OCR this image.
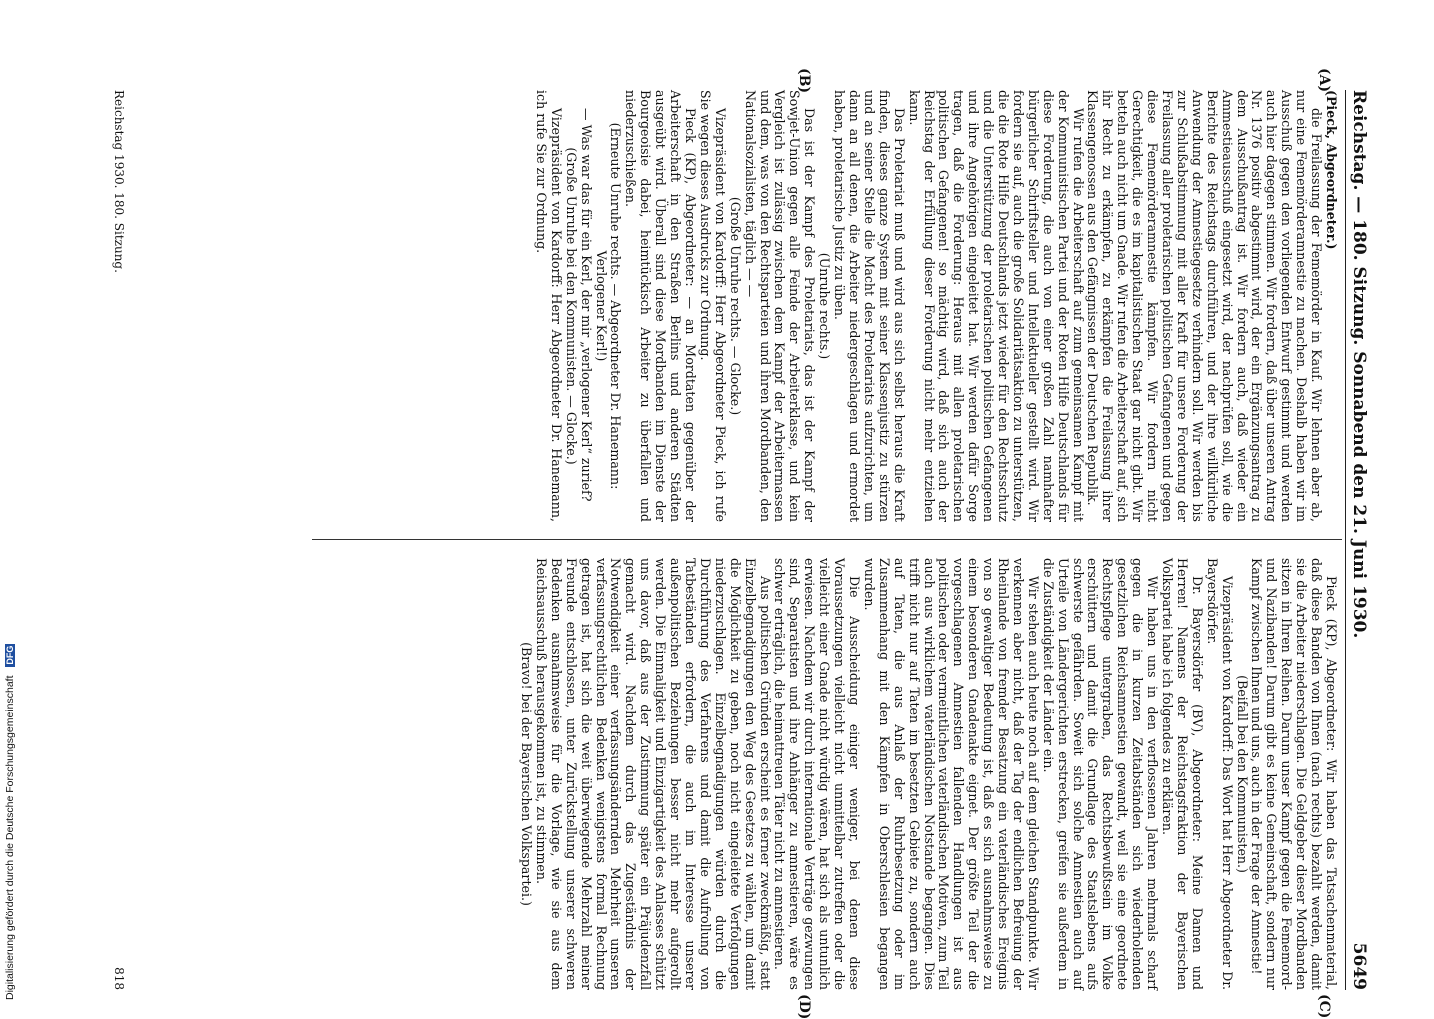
Reichstag. — 180. Sitzung. Sonnabend den 21. Juni 1930.
5649
(A)
(B)
(C)
(D)

(Pieck, Abgeordneter.)

die Freilassung der Fememörder in Kauf. Wir lehnen aber ab, nur eine Fememörderamnestie zu machen. Deshalb haben wir im Ausschuß gegen den vorliegenden Entwurf gestimmt und werden auch hier dagegen stimmen. Wir fordern, daß über unseren Antrag Nr. 1376 positiv abgestimmt wird, der ein Ergänzungsantrag zu dem Ausschußantrag ist. Wir fordern auch, daß wieder ein Ammestieausschuß eingesetzt wird, der nachprüfen soll, wie die Berichte des Reichstags durchführen, und der ihre willkürliche Anwendung der Amnestiegesetze verhindern soll. Wir werden bis zur Schlußabstimmung mit aller Kraft für unsere Forderung der Freilassung aller proletarischen politischen Gefangenen und gegen diese Fememörderamnestie kämpfen. Wir fordern nicht Gerechtigkeit, die es im kapitalistischen Staat gar nicht gibt. Wir betteln auch nicht um Gnade. Wir rufen die Arbeiterschaft auf, sich ihr Recht zu erkämpfen, zu erkämpfen die Freilassung ihrer Klassengenossen aus den Gefängnissen der Deutschen Republik.

Wir rufen die Arbeiterschaft auf zum gemeinsamen Kampf mit der Kommunistischen Partei und der Roten Hilfe Deutschlands für diese Forderung, die auch von einer großen Zahl namhafter bürgerlicher Schriftsteller und Intellektueller gestellt wird. Wir fordern sie auf, auch die große Solidaritätsaktion zu unterstützen, die die Rote Hilfe Deutschlands jetzt wieder für den Rechtsschutz und die Unterstützung der proletarischen politischen Gefangenen und ihre Angehörigen eingeleitet hat. Wir werden dafür Sorge tragen, daß die Forderung: Heraus mit allen proletarischen politischen Gefangenen! so mächtig wird, daß sich auch der Reichstag der Erfüllung dieser Forderung nicht mehr entziehen kann.

Das Proletariat muß und wird aus sich selbst heraus die Kraft finden, dieses ganze System mit seiner Klassenjustiz zu stürzen und an seiner Stelle die Macht des Proletariats aufzurichten, um dann an all denen, die Arbeiter niedergeschlagen und ermordet haben, proletarische Justiz zu üben.

(Unruhe rechts.)

Das ist der Kampf des Proletariats, das ist der Kampf der Sowjet-Union gegen alle Feinde der Arbeiterklasse, und kein Vergleich ist zulässig zwischen dem Kampf der Arbeitermassen und dem, was von den Rechtsparteien und ihren Mordbanden, den Nationalsozialisten, täglich — —

(Große Unruhe rechts. — Glocke.)

Vizepräsident von Kardorff: Herr Abgeordneter Pieck, ich rufe Sie wegen dieses Ausdrucks zur Ordnung.

Pieck (KP), Abgeordneter: — an Mordtaten gegenüber der Arbeiterschaft in den Straßen Berlins und anderen Städten ausgeübt wird. Überall sind diese Mordbanden im Dienste der Bourgeoisie dabei, heimtückisch Arbeiter zu überfallen und niederzuschießen.

(Erneute Unruhe rechts. — Abgeordneter Dr. Hanemann: Verlogener Kerl!)

— Was war das für ein Kerl, der mir „verlogener Kerl“ zurief?

(Große Unruhe bei den Kommunisten. — Glocke.)

Vizepräsident von Kardorff: Herr Abgeordneter Dr. Hanemann, ich rufe Sie zur Ordnung.

Pieck (KP), Abgeordneter: Wir haben das Tatsachenmaterial, daß diese Banden von Ihnen (nach rechts) bezahlt werden, damit sie die Arbeiter niederschlagen. Die Geldgeber dieser Mordbanden sitzen in Ihren Reihen. Darum unser Kampf gegen die Fememord- und Nazibanden! Darum gibt es keine Gemeinschaft, sondern nur Kampf zwischen Ihnen und uns, auch in der Frage der Amnestie!

(Beifall bei den Kommunisten.)

Vizepräsident von Kardorff: Das Wort hat Herr Abgeordneter Dr. Bayersdörfer.

Dr. Bayersdörfer (BV), Abgeordneter: Meine Damen und Herren! Namens der Reichstagsfraktion der Bayerischen Volkspartei habe ich folgendes zu erklären.

Wir haben uns in den verflossenen Jahren mehrmals scharf gegen die in kurzen Zeitabständen sich wiederholenden gesetzlichen Reichsamnestien gewandt, weil sie eine geordnete Rechtspflege untergraben, das Rechtsbewußtsein im Volke erschüttern und damit die Grundlage des Staatslebens aufs schwerste gefährden. Soweit sich solche Amnestien auch auf Urteile von Ländergerichten erstrecken, greifen sie außerdem in die Zuständigkeit der Länder ein.

Wir stehen auch heute noch auf dem gleichen Standpunkte. Wir verkennen aber nicht, daß der Tag der endlichen Befreiung der Rheinlande von fremder Besatzung ein vaterländisches Ereignis von so gewaltiger Bedeutung ist, daß es sich ausnahmsweise zu einem besonderen Gnadenakte eignet. Der größte Teil der die vorgeschlagenen Amnestien fallenden Handlungen ist aus politischen oder vermeintlichen vaterländischen Motiven, zum Teil auch aus wirklichem vaterländischen Notstande begangen. Dies trifft nicht nur auf Taten im besetzten Gebiete zu, sondern auch auf Taten, die aus Anlaß der Ruhrbesetzung oder im Zusammenhang mit den Kämpfen in Oberschlesien begangen wurden.

Die Ausscheidung einiger weniger, bei denen diese Voraussetzungen vielleicht nicht unmittelbar zutreffen oder die vielleicht einer Gnade nicht würdig wären, hat sich als untunlich erwiesen. Nachdem wir durch internationale Verträge gezwungen sind, Separatisten und ihre Anhänger zu amnestieren, wäre es schwer erträglich, die heimattreuen Täter nicht zu amnestieren.

Aus politischen Gründen erscheint es ferner zweckmäßig, statt Einzelbegnadigungen den Weg des Gesetzes zu wählen, um damit die Möglichkeit zu geben, noch nicht eingeleitete Verfolgungen niederzuschlagen. Einzelbegnadigungen würden durch die Durchführung des Verfahrens und damit die Aufrollung von Tatbeständen erfordern, die auch im Interesse unserer außenpolitischen Beziehungen besser nicht mehr aufgerollt werden. Die Einmaligkeit und Einzigartigkeit des Anlasses schützt uns davor, daß aus der Zustimmung später ein Präjudenzfall gemacht wird. Nachdem durch das Zugeständnis der Notwendigkeit einer verfassungsändernden Mehrheit unseren verfassungsrechtlichen Bedenken wenigstens formal Rechnung getragen ist, hat sich die weit überwiegende Mehrzahl meiner Freunde entschlossen, unter Zurückstellung unserer schweren Bedenken ausnahmsweise für die Vorlage, wie sie aus dem Reichsausschuß herausgekommen ist, zu stimmen.

(Bravo! bei der Bayerischen Volkspartei.)

Reichstag 1930. 180. Sitzung.
818
Digitalisierung gefördert durch die Deutsche Forschungsgemeinschaft DFG
